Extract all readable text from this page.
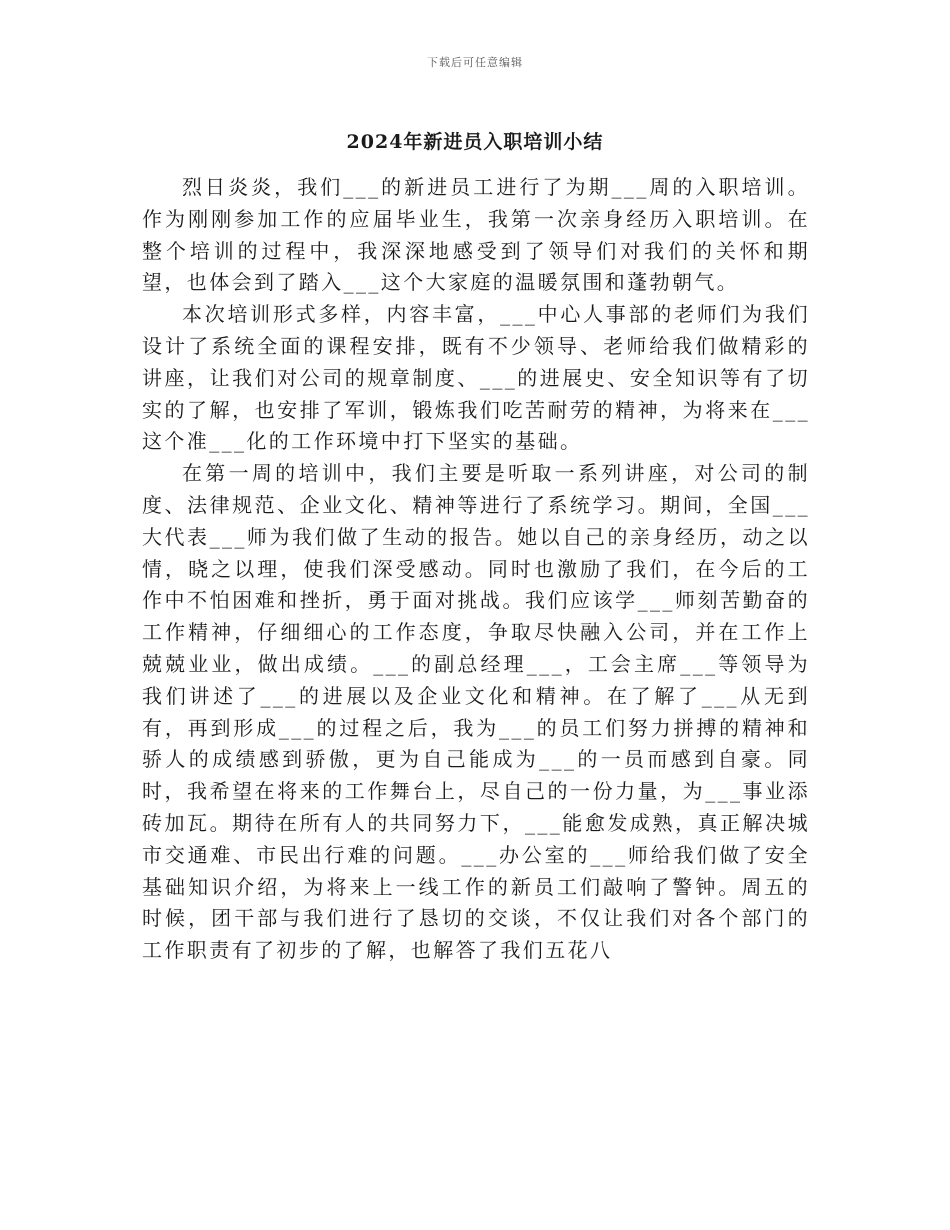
下载后可任意编辑
2024年新进员入职培训小结

烈日炎炎，我们___的新进员工进行了为期___周的入职培训。作为刚刚参加工作的应届毕业生，我第一次亲身经历入职培训。在整个培训的过程中，我深深地感受到了领导们对我们的关怀和期望，也体会到了踏入___这个大家庭的温暖氛围和蓬勃朝气。

本次培训形式多样，内容丰富，___中心人事部的老师们为我们设计了系统全面的课程安排，既有不少领导、老师给我们做精彩的讲座，让我们对公司的规章制度、___的进展史、安全知识等有了切实的了解，也安排了军训，锻炼我们吃苦耐劳的精神，为将来在___这个准___化的工作环境中打下坚实的基础。

在第一周的培训中，我们主要是听取一系列讲座，对公司的制度、法律规范、企业文化、精神等进行了系统学习。期间，全国___大代表___师为我们做了生动的报告。她以自己的亲身经历，动之以情，晓之以理，使我们深受感动。同时也激励了我们，在今后的工作中不怕困难和挫折，勇于面对挑战。我们应该学___师刻苦勤奋的工作精神，仔细细心的工作态度，争取尽快融入公司，并在工作上兢兢业业，做出成绩。___的副总经理___，工会主席___等领导为我们讲述了___的进展以及企业文化和精神。在了解了___从无到有，再到形成___的过程之后，我为___的员工们努力拼搏的精神和骄人的成绩感到骄傲，更为自己能成为___的一员而感到自豪。同时，我希望在将来的工作舞台上，尽自己的一份力量，为___事业添砖加瓦。期待在所有人的共同努力下，___能愈发成熟，真正解决城市交通难、市民出行难的问题。___办公室的___师给我们做了安全基础知识介绍，为将来上一线工作的新员工们敲响了警钟。周五的时候，团干部与我们进行了恳切的交谈，不仅让我们对各个部门的工作职责有了初步的了解，也解答了我们五花八
